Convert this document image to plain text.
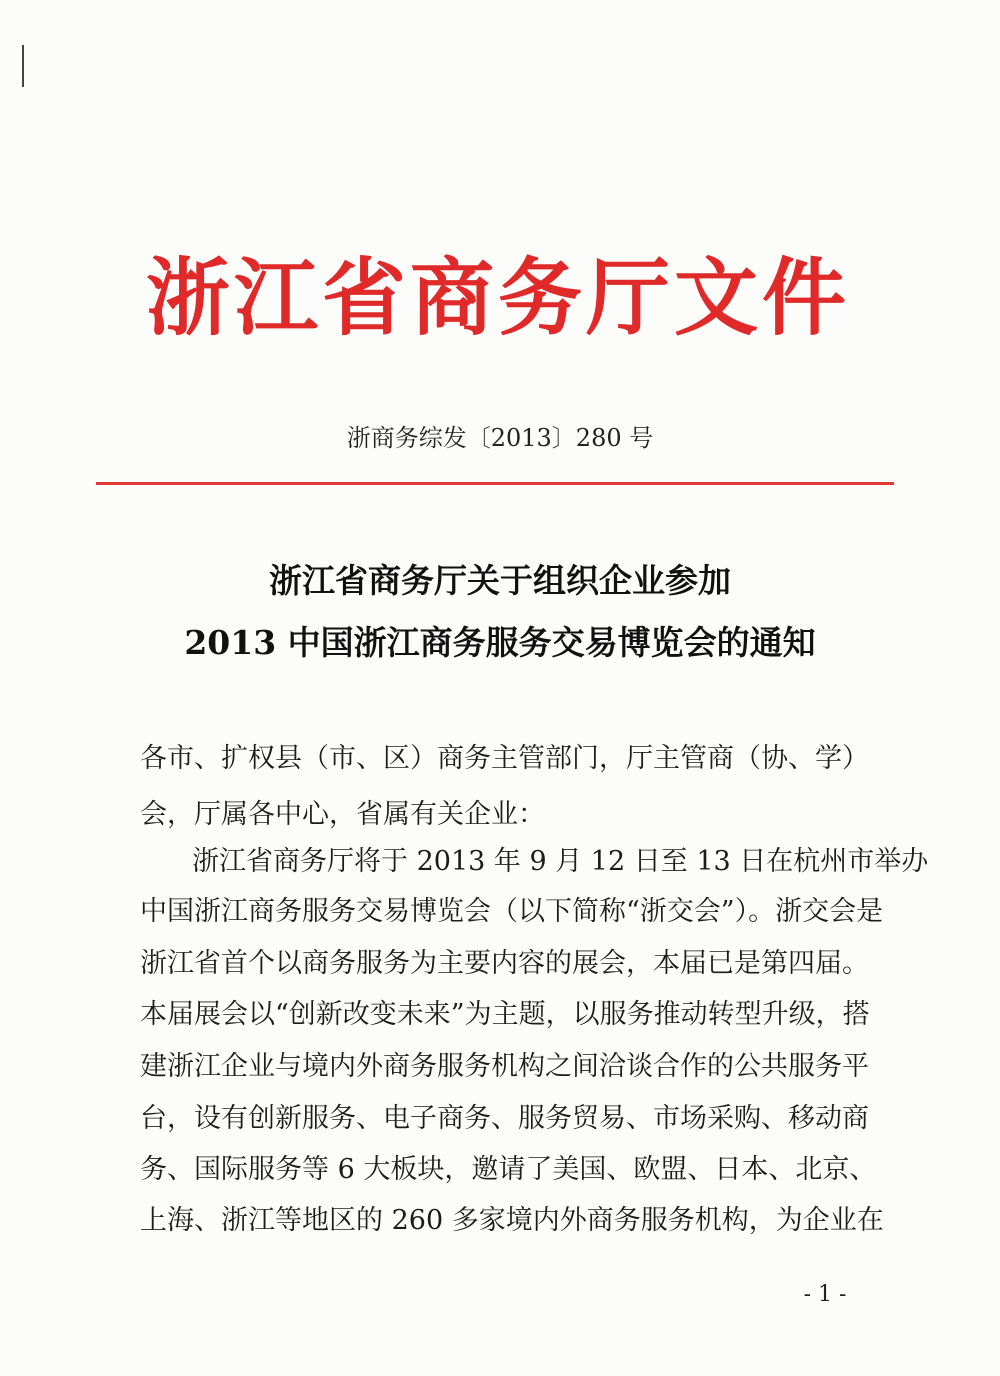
浙江省商务厅文件
浙商务综发〔2013〕280 号
浙江省商务厅关于组织企业参加
2013 中国浙江商务服务交易博览会的通知
各市、扩权县（市、区）商务主管部门，厅主管商（协、学）
会，厅属各中心，省属有关企业：
浙江省商务厅将于 2013 年 9 月 12 日至 13 日在杭州市举办
中国浙江商务服务交易博览会（以下简称“浙交会”）。浙交会是
浙江省首个以商务服务为主要内容的展会，本届已是第四届。
本届展会以“创新改变未来”为主题，以服务推动转型升级，搭
建浙江企业与境内外商务服务机构之间洽谈合作的公共服务平
台，设有创新服务、电子商务、服务贸易、市场采购、移动商
务、国际服务等 6 大板块，邀请了美国、欧盟、日本、北京、
上海、浙江等地区的 260 多家境内外商务服务机构，为企业在
- 1 -
